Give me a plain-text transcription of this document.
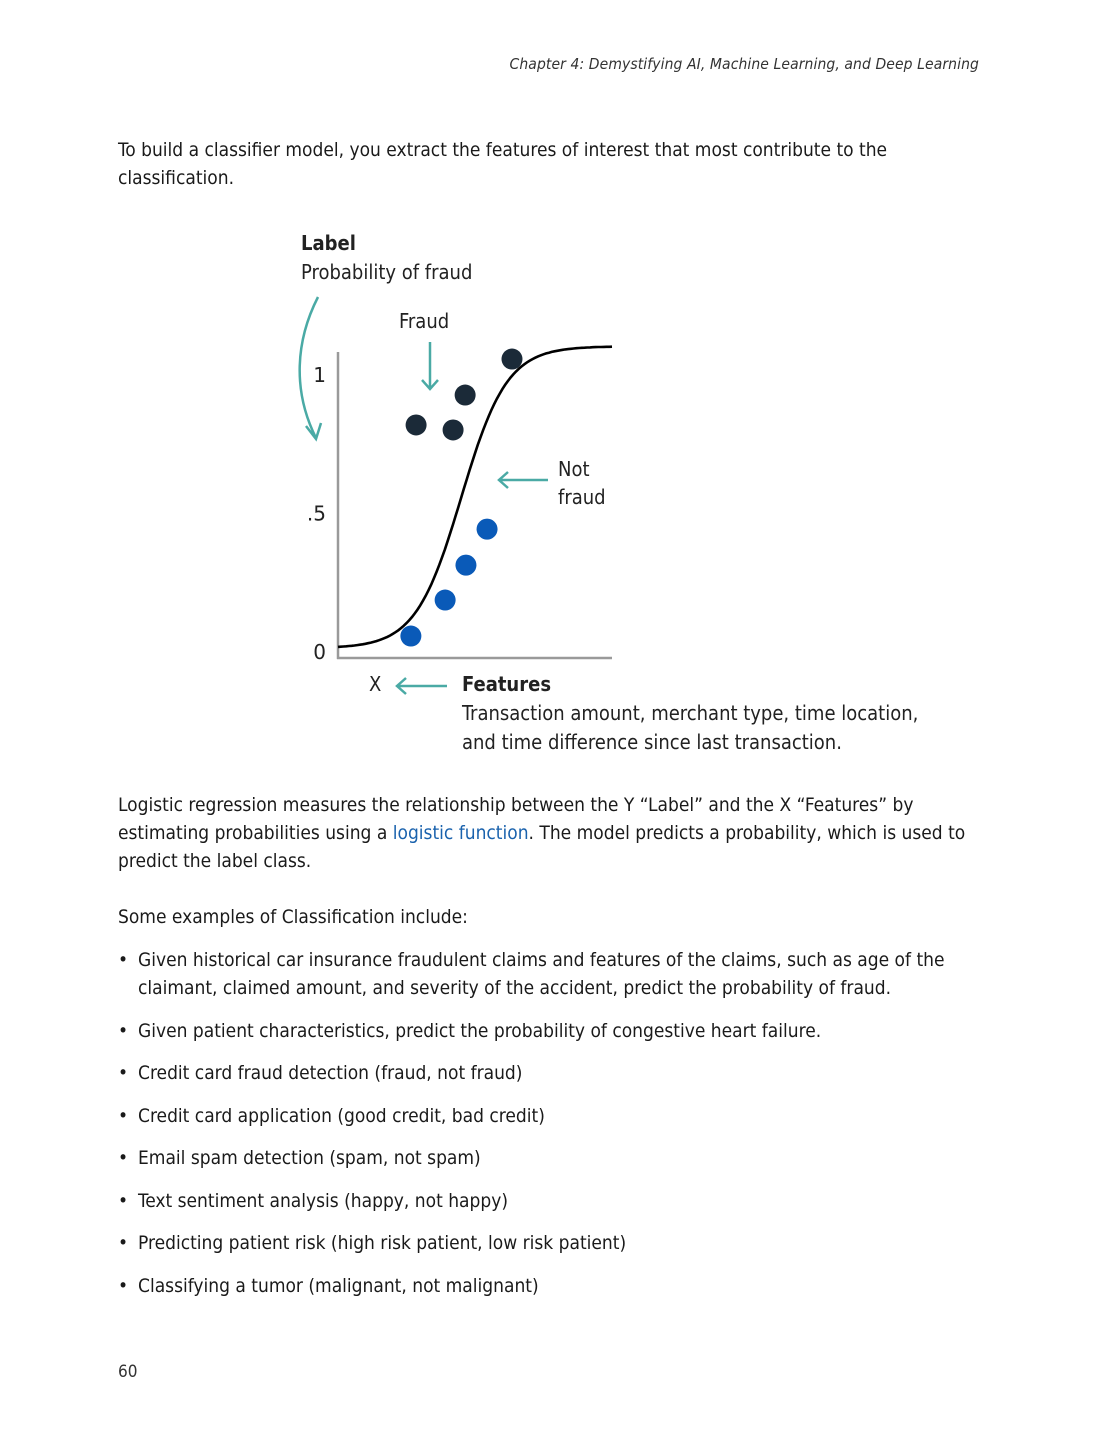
Chapter 4: Demystifying AI, Machine Learning, and Deep Learning
To build a classifier model, you extract the features of interest that most contribute to the classification.
Label
Probability of fraud
Fraud
Not
fraud
X	Features
Transaction amount, merchant type, time location,
and time difference since last transaction.
0
.5
1
Logistic regression measures the relationship between the Y “Label” and the X “Features” by estimating probabilities using a logistic function. The model predicts a probability, which is used to predict the label class.
Some examples of Classification include:
• Given historical car insurance fraudulent claims and features of the claims, such as age of the claimant, claimed amount, and severity of the accident, predict the probability of fraud.
• Given patient characteristics, predict the probability of congestive heart failure.
• Credit card fraud detection (fraud, not fraud)
• Credit card application (good credit, bad credit)
• Email spam detection (spam, not spam)
• Text sentiment analysis (happy, not happy)
• Predicting patient risk (high risk patient, low risk patient)
• Classifying a tumor (malignant, not malignant)
60
